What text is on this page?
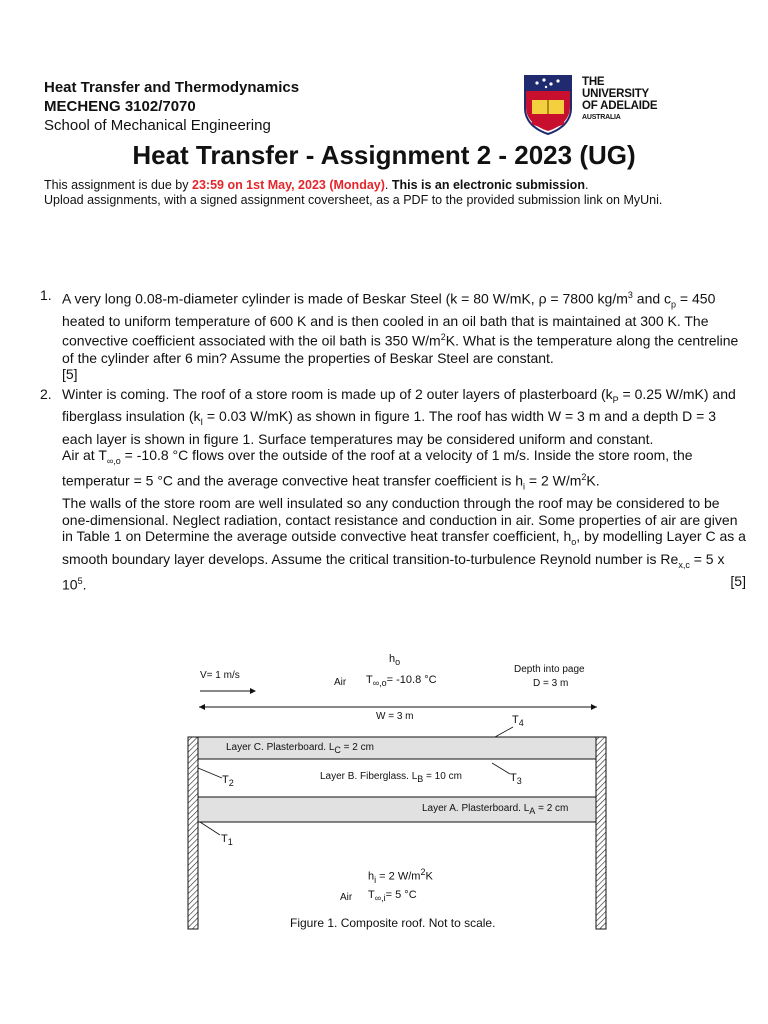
Heat Transfer and Thermodynamics
MECHENG 3102/7070
School of Mechanical Engineering
THE UNIVERSITY
OF ADELAIDE
AUSTRALIA
Heat Transfer - Assignment 2 - 2023 (UG)
This assignment is due by 23:59 on 1st May, 2023 (Monday). This is an electronic submission.
Upload assignments, with a signed assignment coversheet, as a PDF to the provided submission link on MyUni.
1. A very long 0.08-m-diameter cylinder is made of Beskar Steel (k = 80 W/mK, ρ = 7800 $kg/m^3$ and $c_p = 450$ heated to uniform temperature of 600 K and is then cooled in an oil bath that is maintained at 300 K. The convective coefficient associated with the oil bath is 350 $W/m^2K$. What is the temperature along the centreline of the cylinder after 6 min? Assume the properties of Beskar Steel are constant.
[5]
2. Winter is coming. The roof of a store room is made up of 2 outer layers of plasterboard ($k_P = 0.25$ W/mK) and fiberglass insulation ($k_I = 0.03$ W/mK) as shown in figure 1. The roof has width W = 3 m and a depth D = 3 each layer is shown in figure 1. Surface temperatures may be considered uniform and constant.
Air at $T_{\infty,o} = -10.8$ °C flows over the outside of the roof at a velocity of 1 m/s. Inside the store room, the temperatur = 5 °C and the average convective heat transfer coefficient is $h_i = 2$ $W/m^2K$.
The walls of the store room are well insulated so any conduction through the roof may be considered to be one-dimensional. Neglect radiation, contact resistance and conduction in air. Some properties of air are given in Table 1 on Determine the average outside convective heat transfer coefficient, $h_o$, by modelling Layer C as a smooth boundary layer develops. Assume the critical transition-to-turbulence Reynold number is $Re_{x,c} = 5$ x $10^5$.	[5]
$h_o$
V= 1 m/s
Depth into page
D = 3 m
Air $T_{\infty,o}= -10.8$ °C
W = 3 m	$T_4$
Layer C. Plasterboard. $L_C = 2$ cm
$T_2$
Layer B. Fiberglass. $L_B = 10$ cm	$T_3$
Layer A. Plasterboard. $L_A = 2$ cm
$T_1$
$h_i = 2$ $W/m^2K$
Air $T_{\infty,i}= 5$ °C
Figure 1. Composite roof. Not to scale.
